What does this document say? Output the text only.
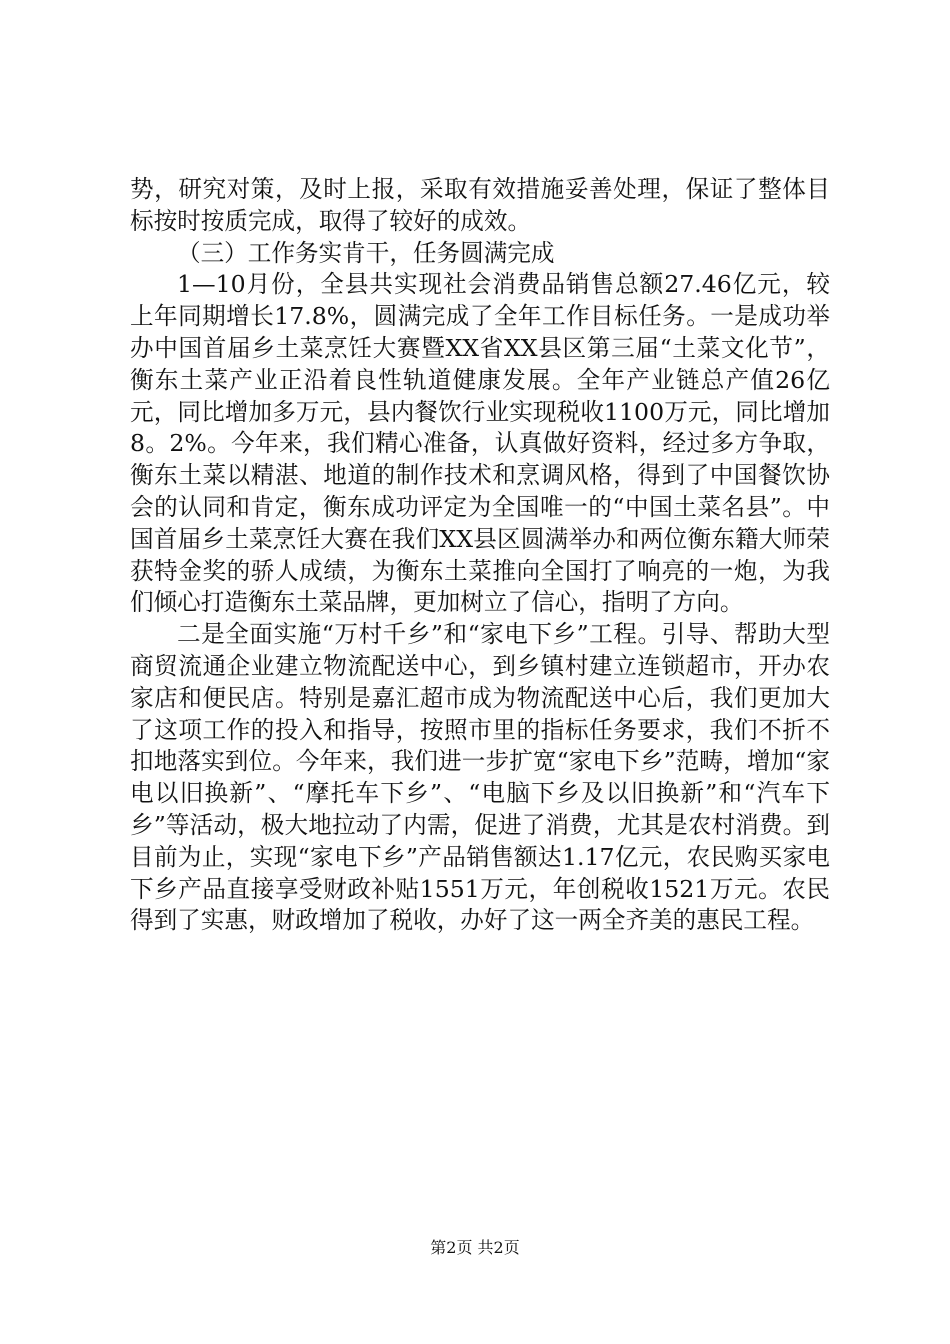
势，研究对策，及时上报，采取有效措施妥善处理，保证了整体目标按时按质完成，取得了较好的成效。

（三）工作务实肯干，任务圆满完成

1—10月份，全县共实现社会消费品销售总额27.46亿元，较上年同期增长17.8%，圆满完成了全年工作目标任务。一是成功举办中国首届乡土菜烹饪大赛暨XX省XX县区第三届“土菜文化节”，衡东土菜产业正沿着良性轨道健康发展。全年产业链总产值26亿元，同比增加多万元，县内餐饮行业实现税收1100万元，同比增加8。2%。今年来，我们精心准备，认真做好资料，经过多方争取，衡东土菜以精湛、地道的制作技术和烹调风格，得到了中国餐饮协会的认同和肯定，衡东成功评定为全国唯一的“中国土菜名县”。中国首届乡土菜烹饪大赛在我们XX县区圆满举办和两位衡东籍大师荣获特金奖的骄人成绩，为衡东土菜推向全国打了响亮的一炮，为我们倾心打造衡东土菜品牌，更加树立了信心，指明了方向。

二是全面实施“万村千乡”和“家电下乡”工程。引导、帮助大型商贸流通企业建立物流配送中心，到乡镇村建立连锁超市，开办农家店和便民店。特别是嘉汇超市成为物流配送中心后，我们更加大了这项工作的投入和指导，按照市里的指标任务要求，我们不折不扣地落实到位。今年来，我们进一步扩宽“家电下乡”范畴，增加“家电以旧换新”、“摩托车下乡”、“电脑下乡及以旧换新”和“汽车下乡”等活动，极大地拉动了内需，促进了消费，尤其是农村消费。到目前为止，实现“家电下乡”产品销售额达1.17亿元，农民购买家电下乡产品直接享受财政补贴1551万元，年创税收1521万元。农民得到了实惠，财政增加了税收，办好了这一两全齐美的惠民工程。

第2页 共2页
